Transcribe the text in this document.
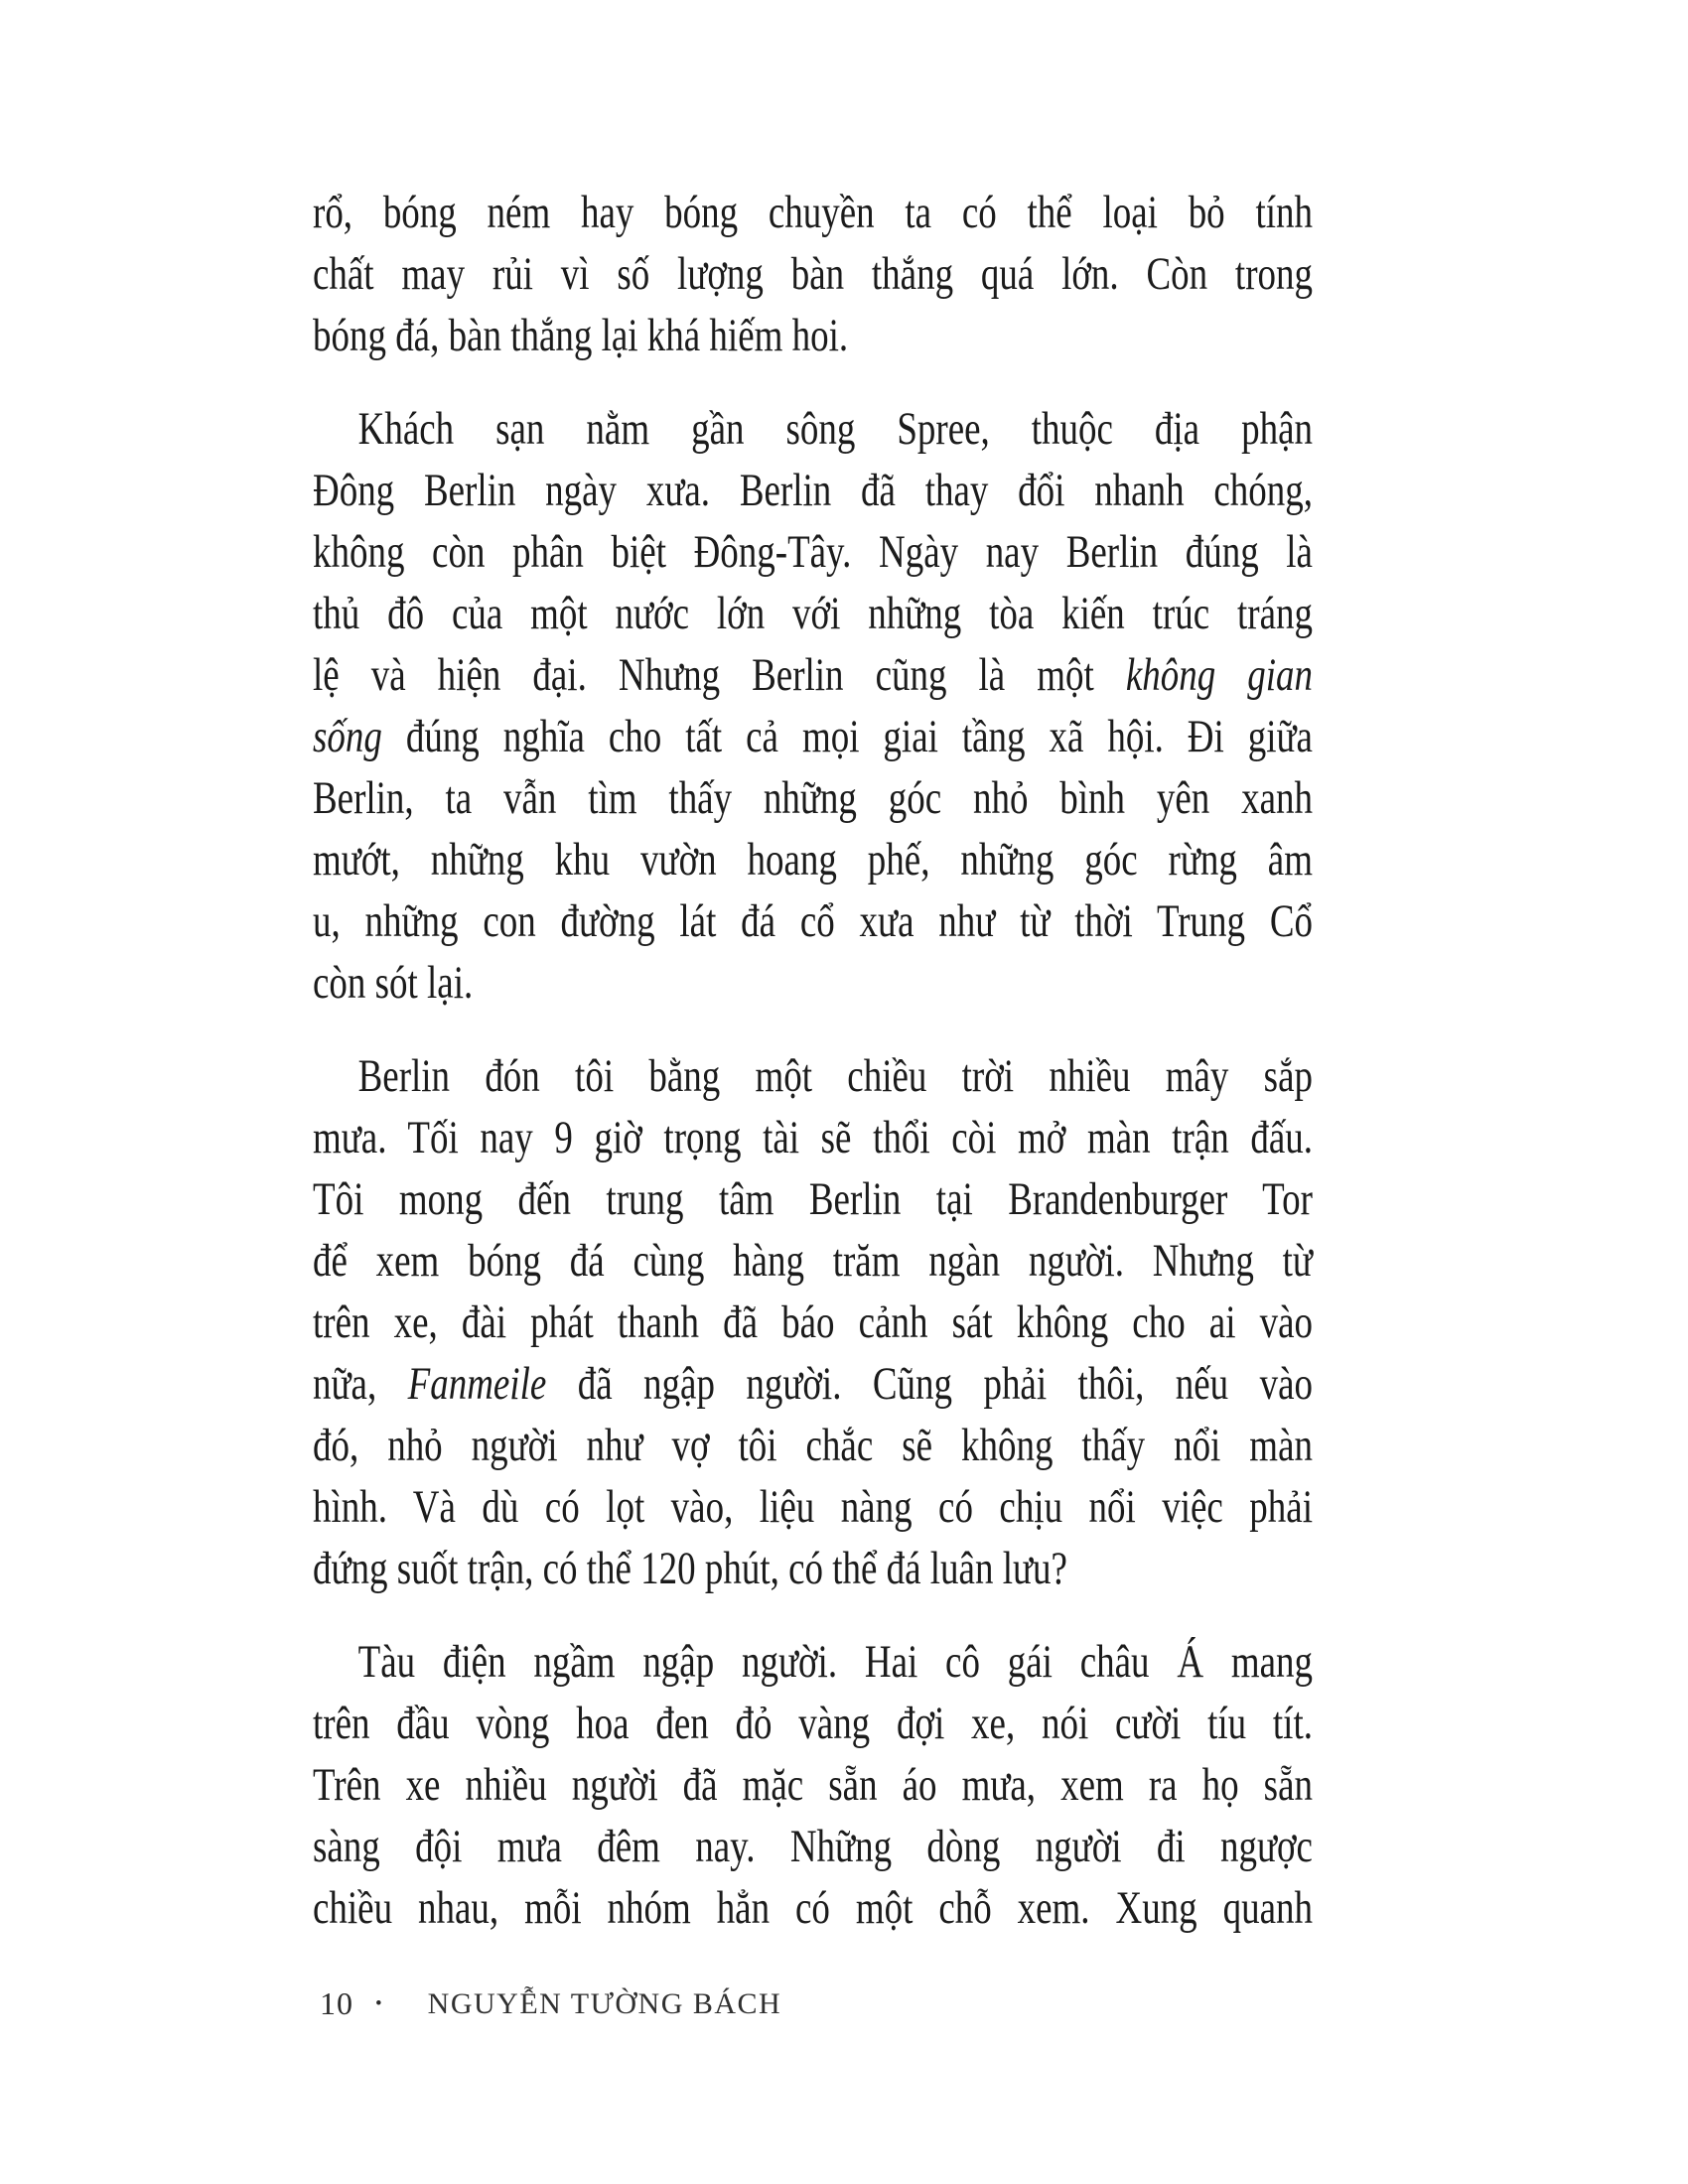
rổ, bóng ném hay bóng chuyền ta có thể loại bỏ tính
chất may rủi vì số lượng bàn thắng quá lớn. Còn trong
bóng đá, bàn thắng lại khá hiếm hoi.
Khách sạn nằm gần sông Spree, thuộc địa phận
Đông Berlin ngày xưa. Berlin đã thay đổi nhanh chóng,
không còn phân biệt Đông-Tây. Ngày nay Berlin đúng là
thủ đô của một nước lớn với những tòa kiến trúc tráng
lệ và hiện đại. Nhưng Berlin cũng là một không gian
sống đúng nghĩa cho tất cả mọi giai tầng xã hội. Đi giữa
Berlin, ta vẫn tìm thấy những góc nhỏ bình yên xanh
mướt, những khu vườn hoang phế, những góc rừng âm
u, những con đường lát đá cổ xưa như từ thời Trung Cổ
còn sót lại.
Berlin đón tôi bằng một chiều trời nhiều mây sắp
mưa. Tối nay 9 giờ trọng tài sẽ thổi còi mở màn trận đấu.
Tôi mong đến trung tâm Berlin tại Brandenburger Tor
để xem bóng đá cùng hàng trăm ngàn người. Nhưng từ
trên xe, đài phát thanh đã báo cảnh sát không cho ai vào
nữa, Fanmeile đã ngập người. Cũng phải thôi, nếu vào
đó, nhỏ người như vợ tôi chắc sẽ không thấy nổi màn
hình. Và dù có lọt vào, liệu nàng có chịu nổi việc phải
đứng suốt trận, có thể 120 phút, có thể đá luân lưu?
Tàu điện ngầm ngập người. Hai cô gái châu Á mang
trên đầu vòng hoa đen đỏ vàng đợi xe, nói cười tíu tít.
Trên xe nhiều người đã mặc sẵn áo mưa, xem ra họ sẵn
sàng đội mưa đêm nay. Những dòng người đi ngược
chiều nhau, mỗi nhóm hẳn có một chỗ xem. Xung quanh
10 • NGUYỄN TƯỜNG BÁCH
